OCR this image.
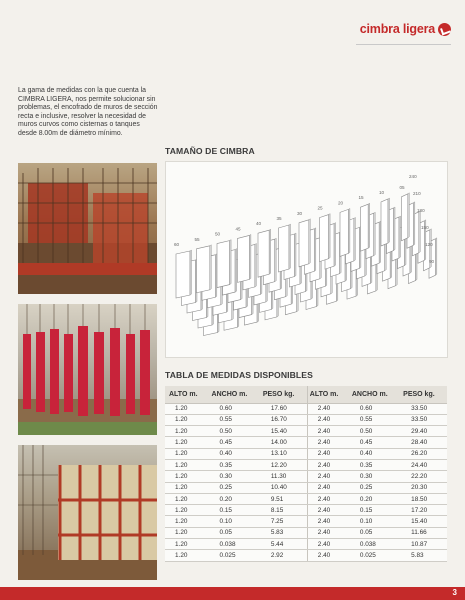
cimbra ligera

La gama de medidas con la que cuenta la CIMBRA LIGERA, nos permite solucionar sin problemas, el encofrado de muros de sección recta e inclusive, resolver la necesidad de muros curvos como cisternas o tanques desde 8.00m de diámetro mínimo.

TAMAÑO DE CIMBRA
60
55
50
45
40
35
30
25
20
15
10
05
240
210
180
150
120
90
TABLA DE MEDIDAS DISPONIBLES
ALTO m.	ANCHO m.	PESO kg.	ALTO m.	ANCHO m.	PESO kg.
1.20	0.60	17.60	2.40	0.60	33.50
1.20	0.55	16.70	2.40	0.55	33.50
1.20	0.50	15.40	2.40	0.50	29.40
1.20	0.45	14.00	2.40	0.45	28.40
1.20	0.40	13.10	2.40	0.40	26.20
1.20	0.35	12.20	2.40	0.35	24.40
1.20	0.30	11.30	2.40	0.30	22.20
1.20	0.25	10.40	2.40	0.25	20.30
1.20	0.20	9.51	2.40	0.20	18.50
1.20	0.15	8.15	2.40	0.15	17.20
1.20	0.10	7.25	2.40	0.10	15.40
1.20	0.05	5.83	2.40	0.05	11.66
1.20	0.038	5.44	2.40	0.038	10.87
1.20	0.025	2.92	2.40	0.025	5.83
3
